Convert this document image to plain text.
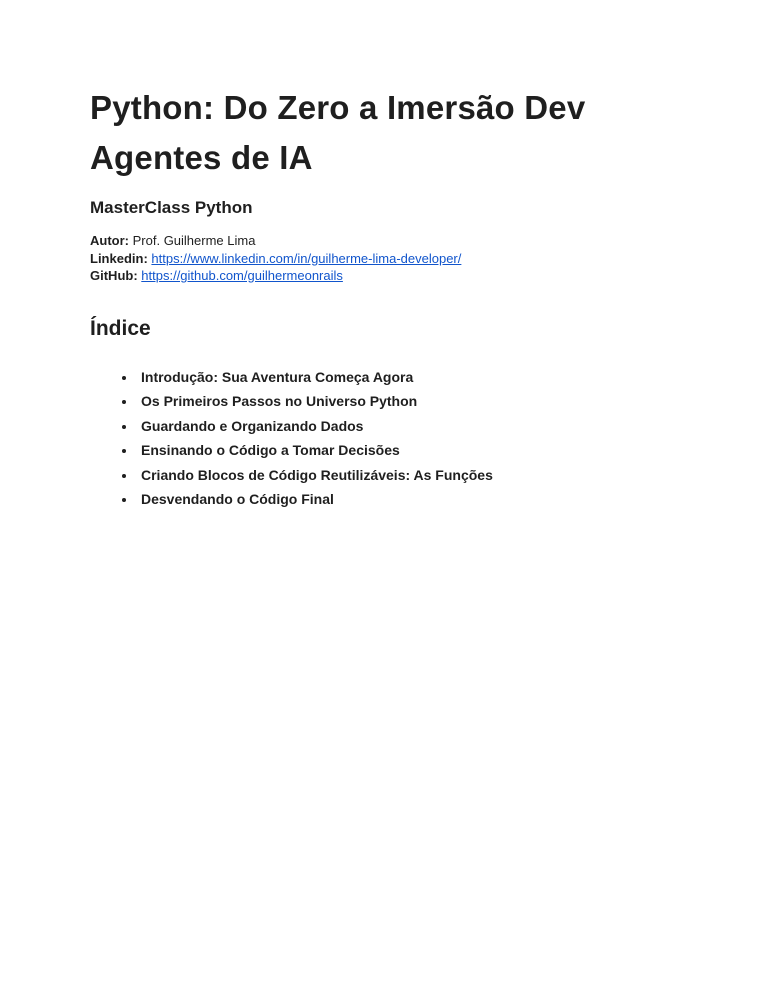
Python: Do Zero a Imersão Dev Agentes de IA
MasterClass Python
Autor: Prof. Guilherme Lima
Linkedin: https://www.linkedin.com/in/guilherme-lima-developer/
GitHub: https://github.com/guilhermeonrails
Índice
• Introdução: Sua Aventura Começa Agora
• Os Primeiros Passos no Universo Python
• Guardando e Organizando Dados
• Ensinando o Código a Tomar Decisões
• Criando Blocos de Código Reutilizáveis: As Funções
• Desvendando o Código Final
